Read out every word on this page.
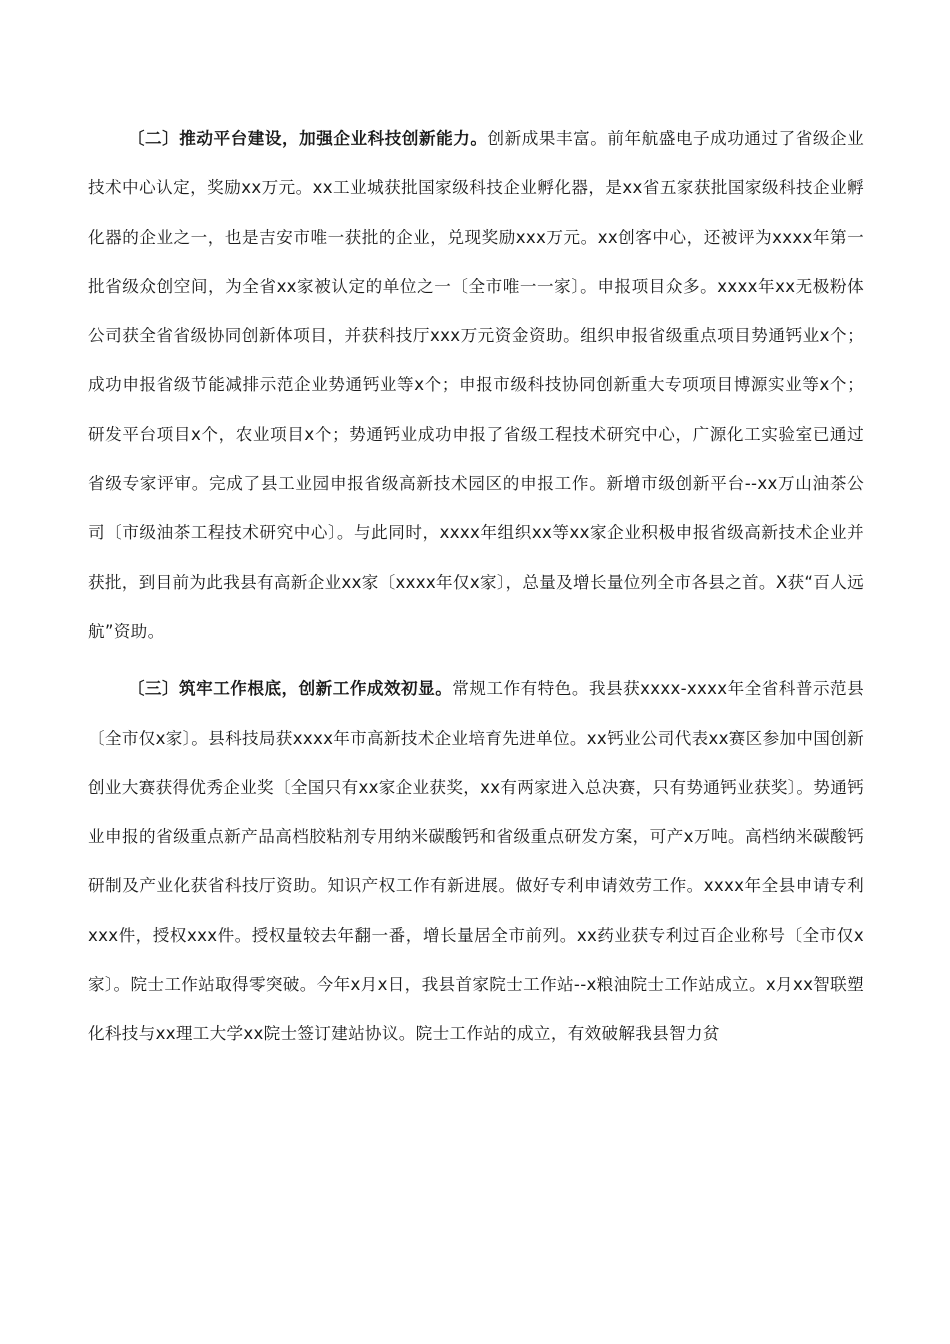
〔二〕推动平台建设，加强企业科技创新能力。创新成果丰富。前年航盛电子成功通过了省级企业技术中心认定，奖励xx万元。xx工业城获批国家级科技企业孵化器，是xx省五家获批国家级科技企业孵化器的企业之一，也是吉安市唯一获批的企业，兑现奖励xxx万元。xx创客中心，还被评为xxxx年第一批省级众创空间，为全省xx家被认定的单位之一〔全市唯一一家〕。申报项目众多。xxxx年xx无极粉体公司获全省省级协同创新体项目，并获科技厅xxx万元资金资助。组织申报省级重点项目势通钙业x个；成功申报省级节能减排示范企业势通钙业等x个；申报市级科技协同创新重大专项项目博源实业等x个；研发平台项目x个，农业项目x个；势通钙业成功申报了省级工程技术研究中心，广源化工实验室已通过省级专家评审。完成了县工业园申报省级高新技术园区的申报工作。新增市级创新平台--xx万山油茶公司〔市级油茶工程技术研究中心〕。与此同时，xxxx年组织xx等xx家企业积极申报省级高新技术企业并获批，到目前为此我县有高新企业xx家〔xxxx年仅x家〕，总量及增长量位列全市各县之首。X获“百人远航”资助。

〔三〕筑牢工作根底，创新工作成效初显。常规工作有特色。我县获xxxx-xxxx年全省科普示范县〔全市仅x家〕。县科技局获xxxx年市高新技术企业培育先进单位。xx钙业公司代表xx赛区参加中国创新创业大赛获得优秀企业奖〔全国只有xx家企业获奖，xx有两家进入总决赛，只有势通钙业获奖〕。势通钙业申报的省级重点新产品高档胶粘剂专用纳米碳酸钙和省级重点研发方案，可产x万吨。高档纳米碳酸钙研制及产业化获省科技厅资助。知识产权工作有新进展。做好专利申请效劳工作。xxxx年全县申请专利xxx件，授权xxx件。授权量较去年翻一番，增长量居全市前列。xx药业获专利过百企业称号〔全市仅x家〕。院士工作站取得零突破。今年x月x日，我县首家院士工作站--x粮油院士工作站成立。x月xx智联塑化科技与xx理工大学xx院士签订建站协议。院士工作站的成立，有效破解我县智力贫
